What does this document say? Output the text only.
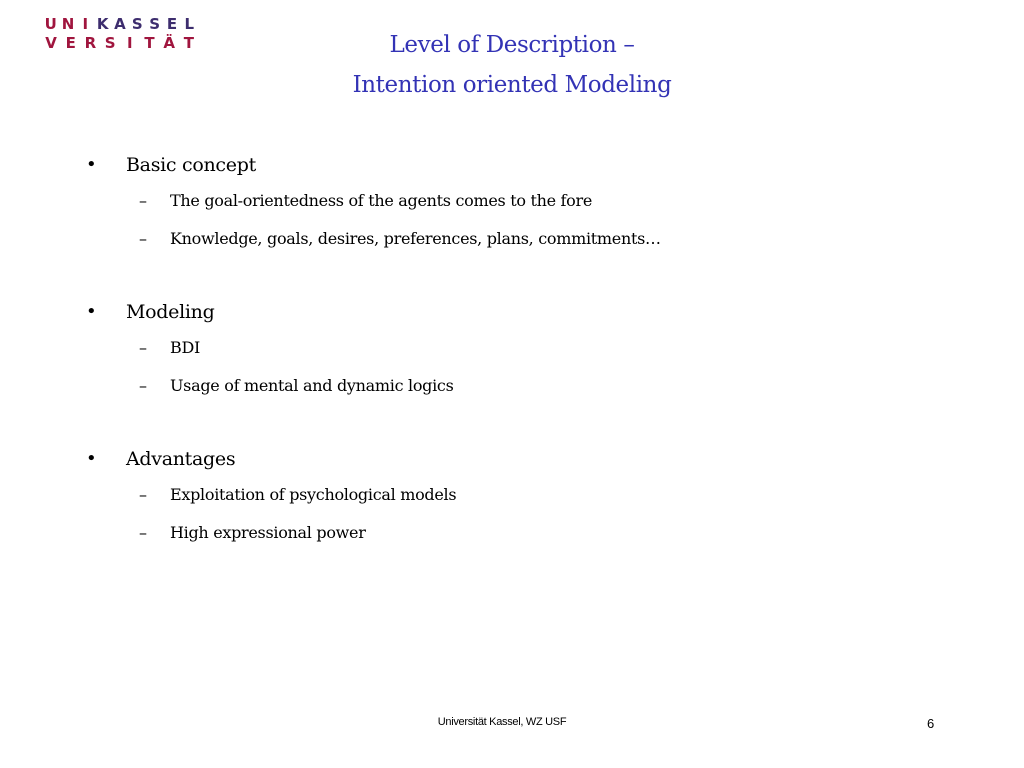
U N I K A S S E L
V E R S I T Ä T	Level of Description –
Intention oriented Modeling
• Basic concept
– The goal-orientedness of the agents comes to the fore
– Knowledge, goals, desires, preferences, plans, commitments…
• Modeling
– BDI
– Usage of mental and dynamic logics
• Advantages
– Exploitation of psychological models
– High expressional power
Universität Kassel, WZ USF	6
